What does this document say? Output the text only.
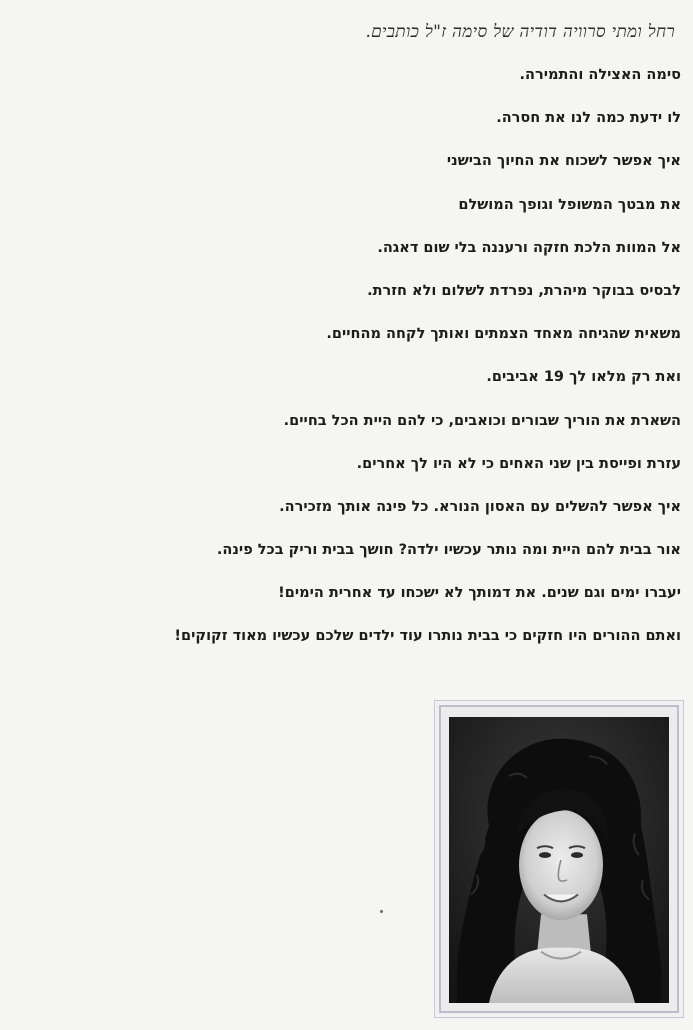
רחל ומתי סרוויה דודיה של סימה ז"ל כותבים.
סימה האצילה והתמירה.
לו ידעת כמה לנו את חסרה.
איך אפשר לשכוח את החיוך הבישני
את מבטך המשופל וגופך המושלם
אל המוות הלכת חזקה ורעננה בלי שום דאגה.
לבסיס בבוקר מיהרת, נפרדת לשלום ולא חזרת.
משאית שהגיחה מאחד הצמתים ואותך לקחה מהחיים.
ואת רק מלאו לך 19 אביבים.
השארת את הוריך שבורים וכואבים, כי להם היית הכל בחיים.
עזרת ופייסת בין שני האחים כי לא היו לך אחרים.
איך אפשר להשלים עם האסון הנורא. כל פינה אותך מזכירה.
אור בבית להם היית ומה נותר עכשיו ילדה? חושך בבית וריק בכל פינה.
יעברו ימים וגם שנים. את דמותך לא ישכחו עד אחרית הימים!
ואתם ההורים היו חזקים כי בבית נותרו עוד ילדים שלכם עכשיו מאוד זקוקים!
